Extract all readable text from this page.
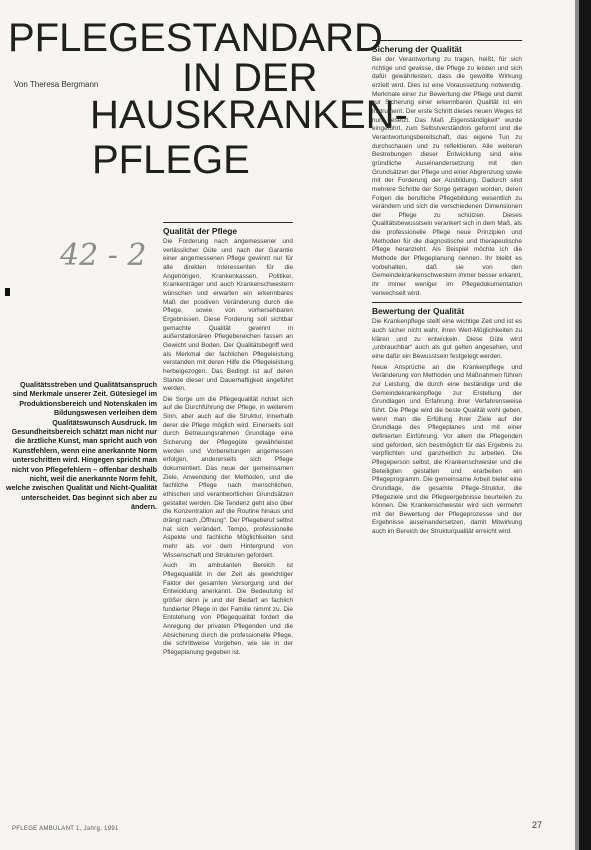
PFLEGESTANDARD
IN DER
HAUSKRANKEN-
PFLEGE
Von Theresa Bergmann
42 - 2
Qualitätsstreben und Qualitätsanspruch sind Merkmale unserer Zeit. Gütesiegel im Produktionsbereich und Notenskalen im Bildungswesen verleihen dem Qualitätswunsch Ausdruck. Im Gesundheitsbereich schätzt man nicht nur die ärztliche Kunst, man spricht auch von Kunstfehlern, wenn eine anerkannte Norm unterschritten wird. Hingegen spricht man nicht von Pflegefehlern – offenbar deshalb nicht, weil die anerkannte Norm fehlt, welche zwischen Qualität und Nicht-Qualität unterscheidet. Das beginnt sich aber zu ändern.
Qualität der Pflege

Die Forderung nach angemessener und verlässlicher Güte und nach der Garantie einer angemessenen Pflege gewinnt nur für alle direkten Interessenten für die Angehörigen, Krankenkassen, Politiker, Krankenträger und auch Krankenschwestern wünschen und erwarten ein erkennbares Maß der positiven Veränderung durch die Pflege, sowie von vorhersehbaren Ergebnissen. Diese Forderung soll sichtbar gemachte Qualität gewinnt in außerstationären Pflegebereichen fassen an Gewicht und Boden. Der Qualitätsbegriff wird als Merkmal der fachlichen Pflegeleistung verstanden mit deren Hilfe die Pflegeleistung herbeigezogen. Das Bedingt ist auf deren Stande dieser und Dauerhaftigkeit angeführt werden.

Die Sorge um die Pflegequalität richtet sich auf die Durchführung der Pflege, in weiterem Sinn, aber auch auf die Struktur, innerhalb derer die Pflege möglich wird. Einerseits soll durch Betreuungsrahmen Grundlage eine Sicherung der Pflegegüte gewährleistet werden und Vorbereitungen angemessen erfolgen, andererseits sich Pflege dokumentiert. Das neue der gemeinsamen Ziele, Anwendung der Methoden, und die fachliche Pflege nach menschlichen, ethischen und verantwortlichen Grundsätzen gestaltet werden. Die Tendenz geht also über die Konzentration auf die Routine hinaus und drängt nach „Öffnung“. Der Pflegeberuf selbst hat sich verändert. Tempo, professionelle Aspekte und fachliche Möglichkeiten sind mehr als vor dem Hintergrund von Wissenschaft und Strukturen gefordert.

Auch im ambulanten Bereich ist Pflegequalität in der Zeit als gewichtiger Faktor der gesamten Versorgung und der Entwicklung anerkannt. Die Bedeutung ist größer denn je und der Bedarf an fachlich fundierter Pflege in der Familie nimmt zu. Die Entstehung von Pflegequalität fordert die Anregung der privaten Pflegenden und die Absicherung durch die professionelle Pflege, die schrittweise Vorgehen, wie sie in der Pflegeplanung gegeben ist.

Sicherung der Qualität

Bei der Verantwortung zu tragen, heißt, für sich richtige und gewisse, die Pflege zu leisten und sich dafür gewährleisten, dass die gewollte Wirkung erzielt wird. Dies ist eine Voraussetzung notwendig. Merkmale einer zur Bewertung der Pflege und damit zur Sicherung einer erkennbaren Qualität ist ein Instrument. Der erste Schritt dieses neuen Weges ist nun gesetzt. Das Maß „Eigenständigkeit“ wurde eingeführt, zum Selbstverständnis geformt und die Verantwortungsbereitschaft, das eigene Tun zu durchschauen und zu reflektieren. Alle weiteren Bestrebungen dieser Entwicklung sind eine gründliche Auseinandersetzung mit den Grundsätzen der Pflege und einer Abgrenzung sowie mit der Forderung der Ausbildung. Dadurch sind mehrere Schritte der Sorge getragen worden, deren Folgen die berufliche Pflegebildung wesentlich zu verändern und sich die verschiedenen Dimensionen der Pflege zu schützen. Dieses Qualitätsbewusstsein verankert sich in dem Maß, als die professionelle Pflege neue Prinzipien und Methoden für die diagnostische und therapeutische Pflege heranzieht. Als Beispiel möchte ich die Methode der Pflegeplanung nennen. Ihr bleibt es vorbehalten, daß sie von den Gemeindekrankenschwestern immer besser erkannt, ihr immer weniger im Pflegedokumentation verwechselt wird.

Bewertung der Qualität

Die Krankenpflege stellt eine wichtige Zeit und ist es auch sicher nicht wahr, ihren Wert-Möglichkeiten zu klären und zu entwickeln. Diese Güte wird „unbrauchbar“ auch als gut gelten angesehen, und eine dafür ein Bewusstsein festgelegt werden.

Neue Ansprüche an die Krankenpflege und Veränderung von Methoden und Maßnahmen führen zur Leistung, die durch eine beständige und die Gemeindekrankenpflege zur Erstellung der Grundlagen und Erfahrung ihrer Verfahrensweise führt. Die Pflege wird die beste Qualität wohl geben, wenn man die Erfüllung ihrer Ziele auf der Grundlage des Pflegeplanes und mit einer definierten Einführung. Vor allem die Pflegenden sind gefordert, sich bestmöglich für das Ergebnis zu verpflichten und ganzheitlich zu arbeiten. Die Pflegeperson selbst, die Krankenschwester und die Beteiligten gestalten und erarbeiten ein Pflegeprogramm. Die gemeinsame Arbeit bietet eine Grundlage, die gesamte Pflege-Struktur, die Pflegeziele und die Pflegeergebnisse beurteilen zu können. Die Krankenschwester wird sich vermehrt mit der Bewertung der Pflegeprozesse und der Ergebnisse auseinandersetzen, damit Mitwirkung auch im Bereich der Strukturqualität erreicht wird.

PFLEGE AMBULANT 1, Jahrg. 1991	27
